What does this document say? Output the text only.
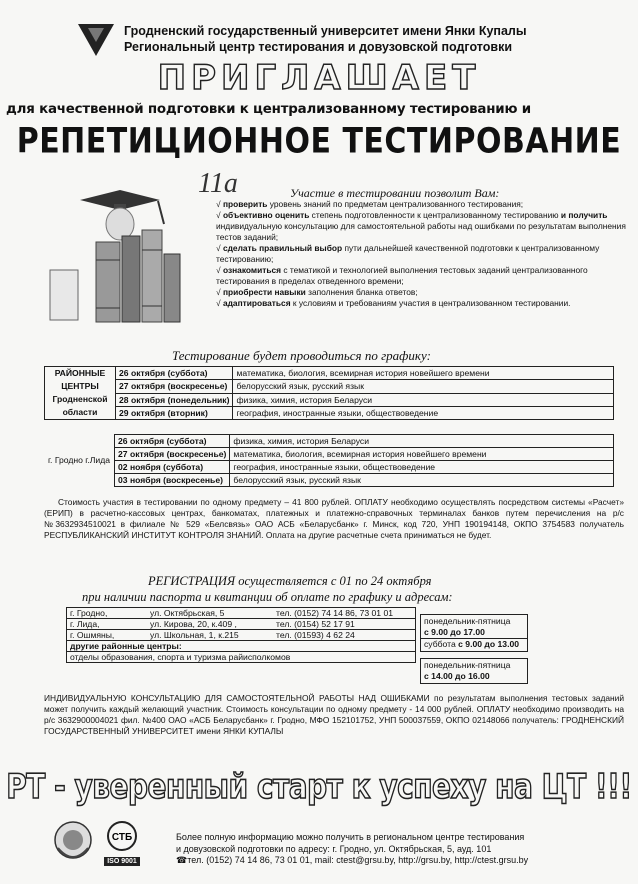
Гродненский государственный университет имени Янки Купалы
Региональный центр тестирования и довузовской подготовки
ПРИГЛАШАЕТ
для качественной подготовки к централизованному тестированию и
РЕПЕТИЦИОННОЕ ТЕСТИРОВАНИЕ
11а	Участие в тестировании позволит Вам:
√ проверить уровень знаний по предметам централизованного тестирования;
√ объективно оценить степень подготовленности к централизованному тестированию и получить индивидуальную консультацию для самостоятельной работы над ошибками по результатам выполнения тестов заданий;
√ сделать правильный выбор пути дальнейшей качественной подготовки к централизованному тестированию;
√ ознакомиться с тематикой и технологией выполнения тестовых заданий централизованного тестирования в пределах отведенного времени;
√ приобрести навыки заполнения бланка ответов;
√ адаптироваться к условиям и требованиям участия в централизованном тестировании.
Тестирование будет проводиться по графику:
РАЙОННЫЕ ЦЕНТРЫ Гродненской области	26 октября (суббота)	математика, биология, всемирная история новейшего времени
	27 октября (воскресенье)	белорусский язык, русский язык
	28 октября (понедельник)	физика, химия, история Беларуси
	29 октября (вторник)	география, иностранные языки, обществоведение
г. Гродно г.Лида	26 октября (суббота)	физика, химия, история Беларуси
	27 октября (воскресенье)	математика, биология, всемирная история новейшего времени
	02 ноября (суббота)	география, иностранные языки, обществоведение
	03 ноября (воскресенье)	белорусский язык, русский язык
Стоимость участия в тестировании по одному предмету – 41 800 рублей. ОПЛАТУ необходимо осуществлять посредством системы «Расчет» (ЕРИП) в расчетно-кассовых центрах, банкоматах, платежных и платежно-справочных терминалах банков путем перечисления на р/с №3632934510021 в филиале № 529 «Белсвязь» ОАО АСБ «Беларусбанк» г. Минск, код 720, УНП 190194148, ОКПО 3754583 получатель РЕСПУБЛИКАНСКИЙ ИНСТИТУТ КОНТРОЛЯ ЗНАНИЙ. Оплата на другие расчетные счета приниматься не будет.
РЕГИСТРАЦИЯ осуществляется с 01 по 24 октября
при наличии паспорта и квитанции об оплате по графику и адресам:
г. Гродно,	ул. Октябрьская, 5	тел. (0152) 74 14 86, 73 01 01
г. Лида,	ул. Кирова, 20, к.409 ,	тел. (0154) 52 17 91
г. Ошмяны,	ул. Школьная, 1, к.215	тел. (01593) 4 62 24
другие районные центры:		
отделы образования, спорта и туризма райисполкомов		
понедельник-пятница
с 9.00 до 17.00
суббота с 9.00 до 13.00
понедельник-пятница
с 14.00 до 16.00
ИНДИВИДУАЛЬНУЮ КОНСУЛЬТАЦИЮ ДЛЯ САМОСТОЯТЕЛЬНОЙ РАБОТЫ НАД ОШИБКАМИ по результатам выполнения тестовых заданий может получить каждый желающий участник. Стоимость консультации по одному предмету - 14 000 рублей. ОПЛАТУ необходимо производить на р/с 3632900004021 фил. №400 ОАО «АСБ Беларусбанк» г. Гродно, МФО 152101752, УНП 500037559, ОКПО 02148066 получатель: ГРОДНЕНСКИЙ ГОСУДАРСТВЕННЫЙ УНИВЕРСИТЕТ имени ЯНКИ КУПАЛЫ
РТ - уверенный старт к успеху на ЦТ !!!
СТБ
ISO 9001
Более полную информацию можно получить в региональном центре тестирования
и довузовской подготовки по адресу: г. Гродно, ул. Октябрьская, 5, ауд. 101
☎тел. (0152) 74 14 86, 73 01 01, mail: ctest@grsu.by, http://grsu.by, http://ctest.grsu.by
